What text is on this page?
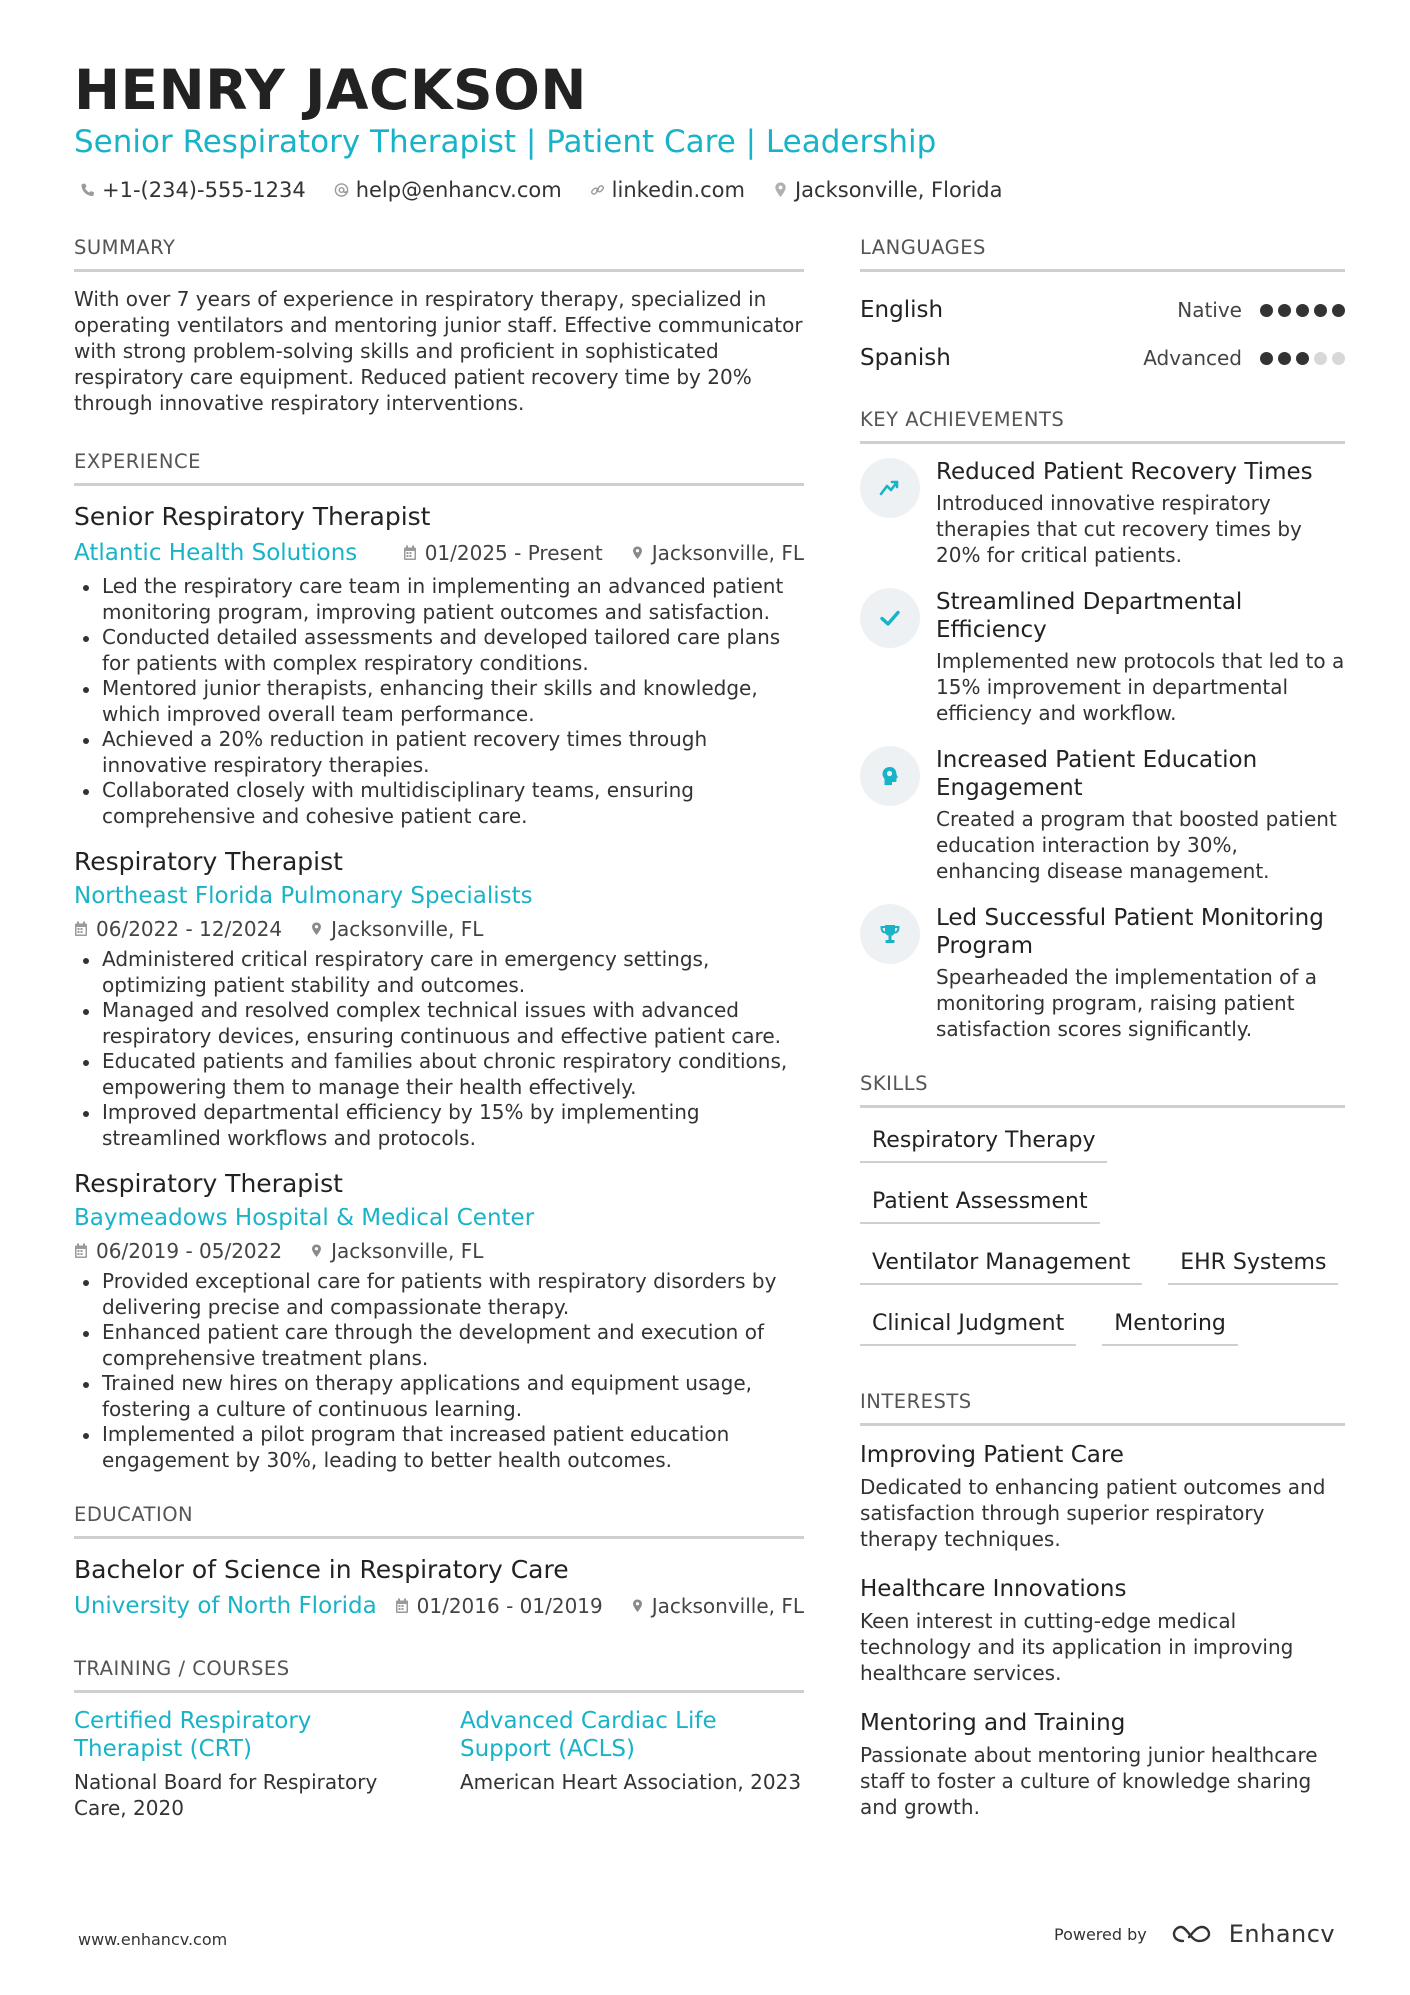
HENRY JACKSON
Senior Respiratory Therapist | Patient Care | Leadership
+1-(234)-555-1234 help@enhancv.com linkedin.com Jacksonville, Florida
SUMMARY
With over 7 years of experience in respiratory therapy, specialized in operating ventilators and mentoring junior staff. Effective communicator with strong problem-solving skills and proficient in sophisticated respiratory care equipment. Reduced patient recovery time by 20% through innovative respiratory interventions.
EXPERIENCE
Senior Respiratory Therapist
Atlantic Health Solutions	01/2025 - Present Jacksonville, FL
Led the respiratory care team in implementing an advanced patient monitoring program, improving patient outcomes and satisfaction.
Conducted detailed assessments and developed tailored care plans for patients with complex respiratory conditions.
Mentored junior therapists, enhancing their skills and knowledge, which improved overall team performance.
Achieved a 20% reduction in patient recovery times through innovative respiratory therapies.
Collaborated closely with multidisciplinary teams, ensuring comprehensive and cohesive patient care.
Respiratory Therapist
Northeast Florida Pulmonary Specialists
06/2022 - 12/2024 Jacksonville, FL
Administered critical respiratory care in emergency settings, optimizing patient stability and outcomes.
Managed and resolved complex technical issues with advanced respiratory devices, ensuring continuous and effective patient care.
Educated patients and families about chronic respiratory conditions, empowering them to manage their health effectively.
Improved departmental efficiency by 15% by implementing streamlined workflows and protocols.
Respiratory Therapist
Baymeadows Hospital & Medical Center
06/2019 - 05/2022 Jacksonville, FL
Provided exceptional care for patients with respiratory disorders by delivering precise and compassionate therapy.
Enhanced patient care through the development and execution of comprehensive treatment plans.
Trained new hires on therapy applications and equipment usage, fostering a culture of continuous learning.
Implemented a pilot program that increased patient education engagement by 30%, leading to better health outcomes.
EDUCATION
Bachelor of Science in Respiratory Care
University of North Florida 01/2016 - 01/2019 Jacksonville, FL
TRAINING / COURSES
Certified Respiratory Therapist (CRT)
National Board for Respiratory Care, 2020
Advanced Cardiac Life Support (ACLS)
American Heart Association, 2023
LANGUAGES
English	Native
Spanish	Advanced
KEY ACHIEVEMENTS
Reduced Patient Recovery Times
Introduced innovative respiratory therapies that cut recovery times by 20% for critical patients.
Streamlined Departmental Efficiency
Implemented new protocols that led to a 15% improvement in departmental efficiency and workflow.
Increased Patient Education Engagement
Created a program that boosted patient education interaction by 30%, enhancing disease management.
Led Successful Patient Monitoring Program
Spearheaded the implementation of a monitoring program, raising patient satisfaction scores significantly.
SKILLS
Respiratory Therapy
Patient Assessment
Ventilator Management	EHR Systems
Clinical Judgment	Mentoring
INTERESTS
Improving Patient Care
Dedicated to enhancing patient outcomes and satisfaction through superior respiratory therapy techniques.
Healthcare Innovations
Keen interest in cutting-edge medical technology and its application in improving healthcare services.
Mentoring and Training
Passionate about mentoring junior healthcare staff to foster a culture of knowledge sharing and growth.
www.enhancv.com	Powered by	Enhancv
